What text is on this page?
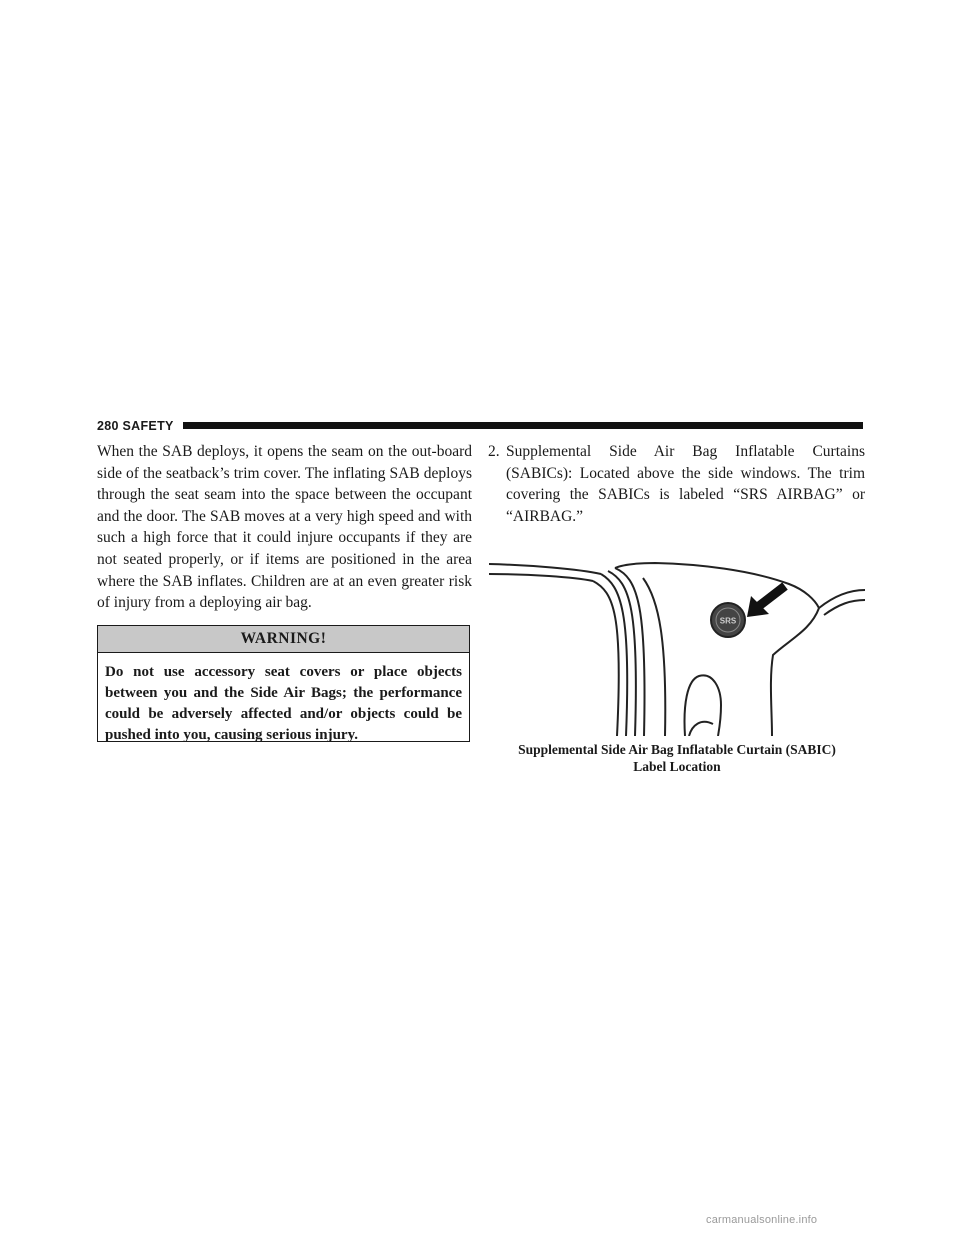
280 SAFETY

When the SAB deploys, it opens the seam on the out-board side of the seatback’s trim cover. The inflating SAB deploys through the seat seam into the space between the occupant and the door. The SAB moves at a very high speed and with such a high force that it could injure occupants if they are not seated properly, or if items are positioned in the area where the SAB inflates. Children are at an even greater risk of injury from a deploying air bag.

WARNING!
Do not use accessory seat covers or place objects between you and the Side Air Bags; the performance could be adversely affected and/or objects could be pushed into you, causing serious injury.
2. Supplemental Side Air Bag Inflatable Curtains (SABICs): Located above the side windows. The trim covering the SABICs is labeled “SRS AIRBAG” or “AIRBAG.”
SRS
Supplemental Side Air Bag Inflatable Curtain (SABIC)
Label Location
carmanualsonline.info
